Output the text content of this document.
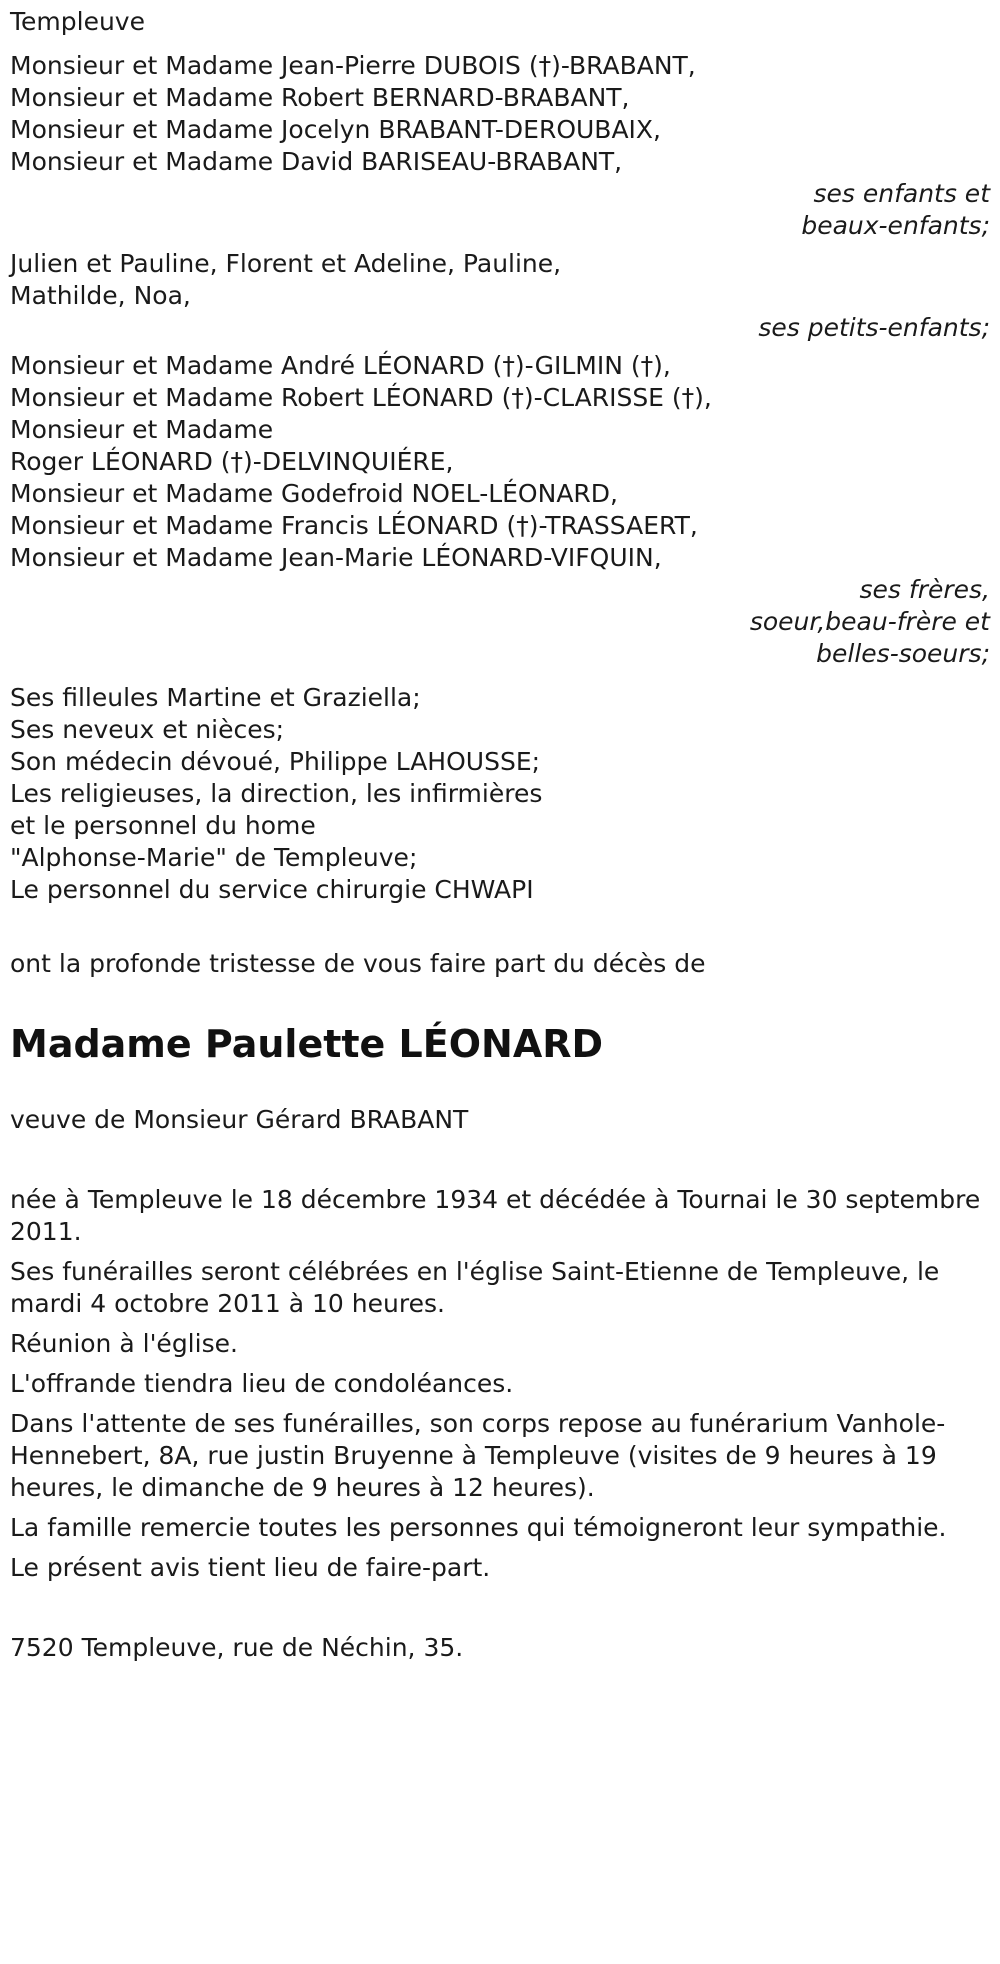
Templeuve
Monsieur et Madame Jean-Pierre DUBOIS (†)-BRABANT,
Monsieur et Madame Robert BERNARD-BRABANT,
Monsieur et Madame Jocelyn BRABANT-DEROUBAIX,
Monsieur et Madame David BARISEAU-BRABANT,
ses enfants et
beaux-enfants;
Julien et Pauline, Florent et Adeline, Pauline,
Mathilde, Noa,
ses petits-enfants;
Monsieur et Madame André LÉONARD (†)-GILMIN (†),
Monsieur et Madame Robert LÉONARD (†)-CLARISSE (†),
Monsieur et Madame
Roger LÉONARD (†)-DELVINQUIÉRE,
Monsieur et Madame Godefroid NOEL-LÉONARD,
Monsieur et Madame Francis LÉONARD (†)-TRASSAERT,
Monsieur et Madame Jean-Marie LÉONARD-VIFQUIN,
ses frères,
soeur,beau-frère et
belles-soeurs;
Ses filleules Martine et Graziella;
Ses neveux et nièces;
Son médecin dévoué, Philippe LAHOUSSE;
Les religieuses, la direction, les infirmières
et le personnel du home
"Alphonse-Marie" de Templeuve;
Le personnel du service chirurgie CHWAPI
ont la profonde tristesse de vous faire part du décès de
Madame Paulette LÉONARD
veuve de Monsieur Gérard BRABANT
née à Templeuve le 18 décembre 1934 et décédée à Tournai le 30 septembre 2011.
Ses funérailles seront célébrées en l'église Saint-Etienne de Templeuve, le mardi 4 octobre 2011 à 10 heures.
Réunion à l'église.
L'offrande tiendra lieu de condoléances.
Dans l'attente de ses funérailles, son corps repose au funérarium Vanhole-Hennebert, 8A, rue justin Bruyenne à Templeuve (visites de 9 heures à 19 heures, le dimanche de 9 heures à 12 heures).
La famille remercie toutes les personnes qui témoigneront leur sympathie.
Le présent avis tient lieu de faire-part.
7520 Templeuve, rue de Néchin, 35.
